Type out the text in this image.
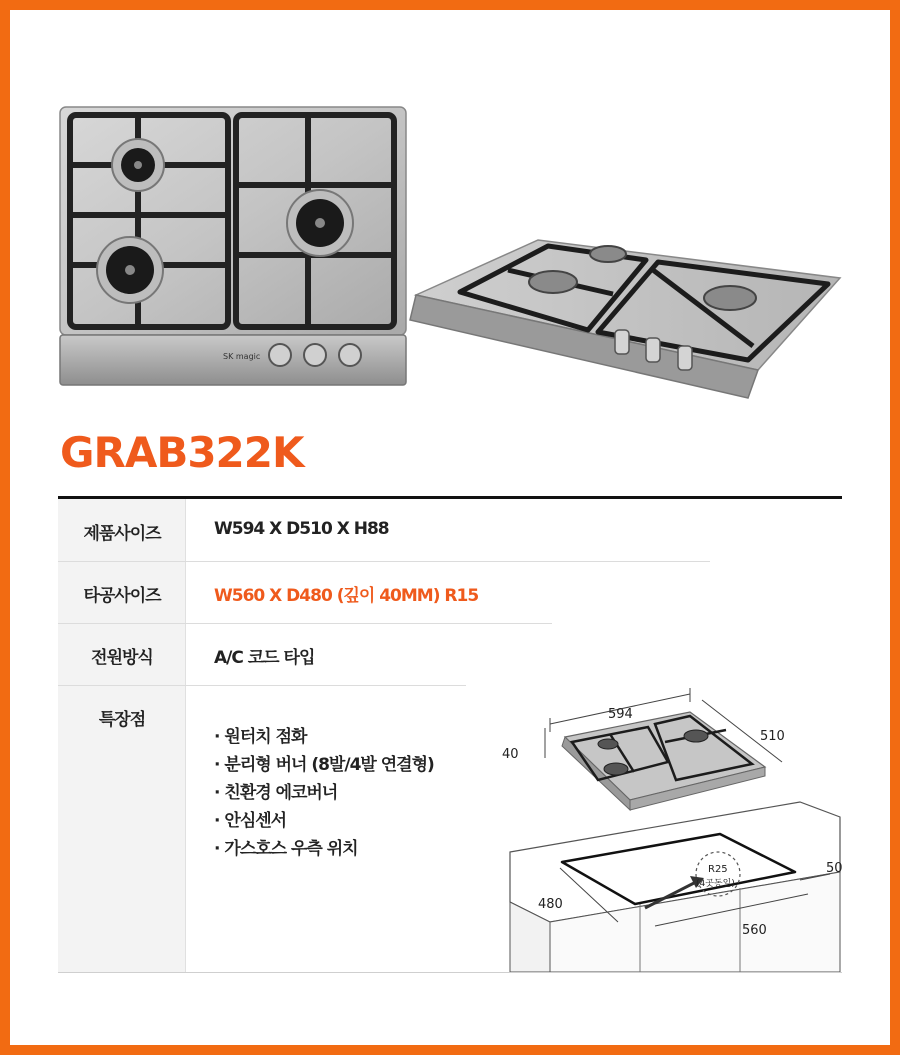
SK magic
GRAB322K
제품사이즈	W594 X D510 X H88
타공사이즈	W560 X D480 (깊이 40MM) R15
전원방식	A/C 코드 타입
특장점
· 원터치 점화
· 분리형 버너 (8발/4발 연결형)
· 친환경 에코버너
· 안심센서
· 가스호스 우측 위치
594
510
40
480
560
50
R25
(4곳동일)
